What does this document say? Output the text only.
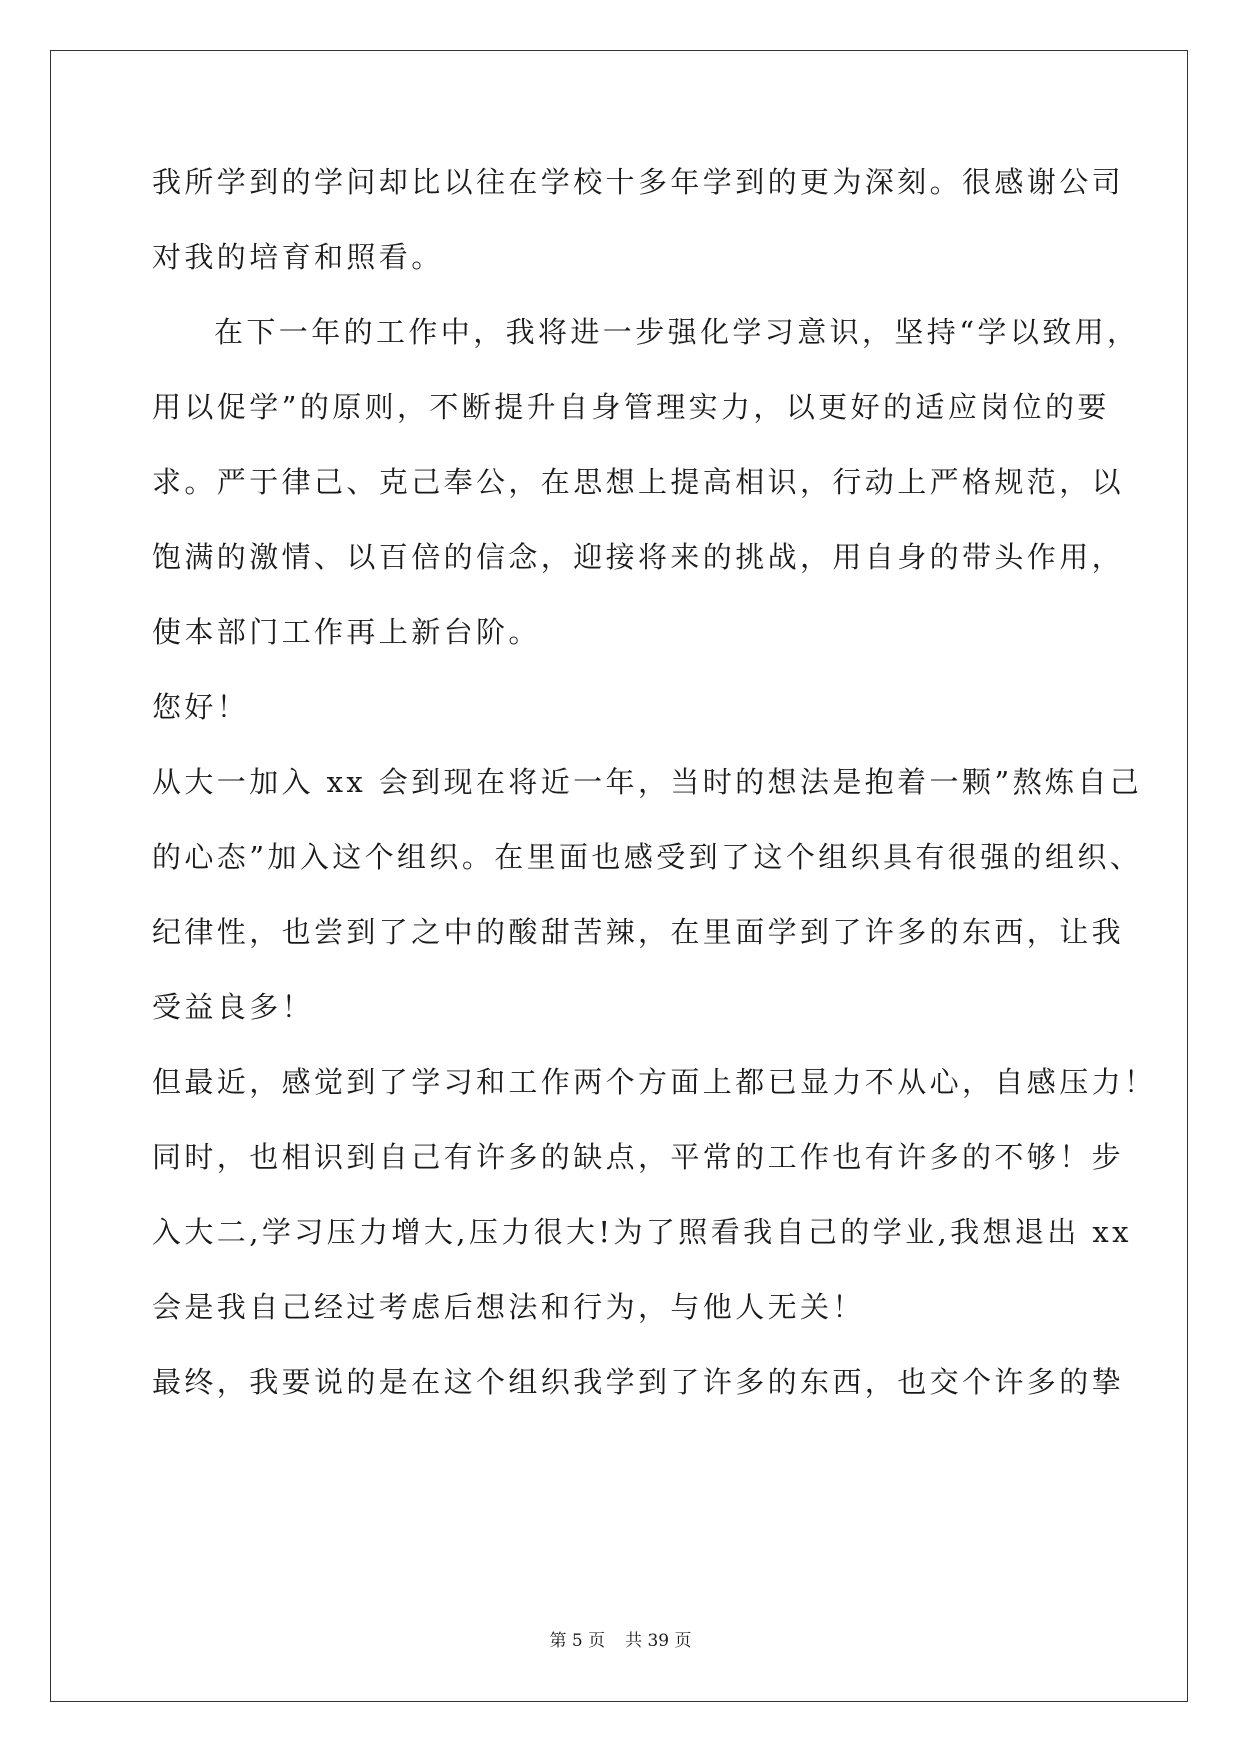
我所学到的学问却比以往在学校十多年学到的更为深刻。很感谢公司
对我的培育和照看。
在下一年的工作中，我将进一步强化学习意识，坚持“学以致用，
用以促学”的原则，不断提升自身管理实力，以更好的适应岗位的要
求。严于律己、克己奉公，在思想上提高相识，行动上严格规范，以
饱满的激情、以百倍的信念，迎接将来的挑战，用自身的带头作用，
使本部门工作再上新台阶。
您好！
从大一加入 xx 会到现在将近一年，当时的想法是抱着一颗”熬炼自己
的心态”加入这个组织。在里面也感受到了这个组织具有很强的组织、
纪律性，也尝到了之中的酸甜苦辣，在里面学到了许多的东西，让我
受益良多！
但最近，感觉到了学习和工作两个方面上都已显力不从心，自感压力！
同时，也相识到自己有许多的缺点，平常的工作也有许多的不够！步
入大二,学习压力增大,压力很大!为了照看我自己的学业,我想退出 xx
会是我自己经过考虑后想法和行为，与他人无关！
最终，我要说的是在这个组织我学到了许多的东西，也交个许多的挚
第 5 页 共 39 页
